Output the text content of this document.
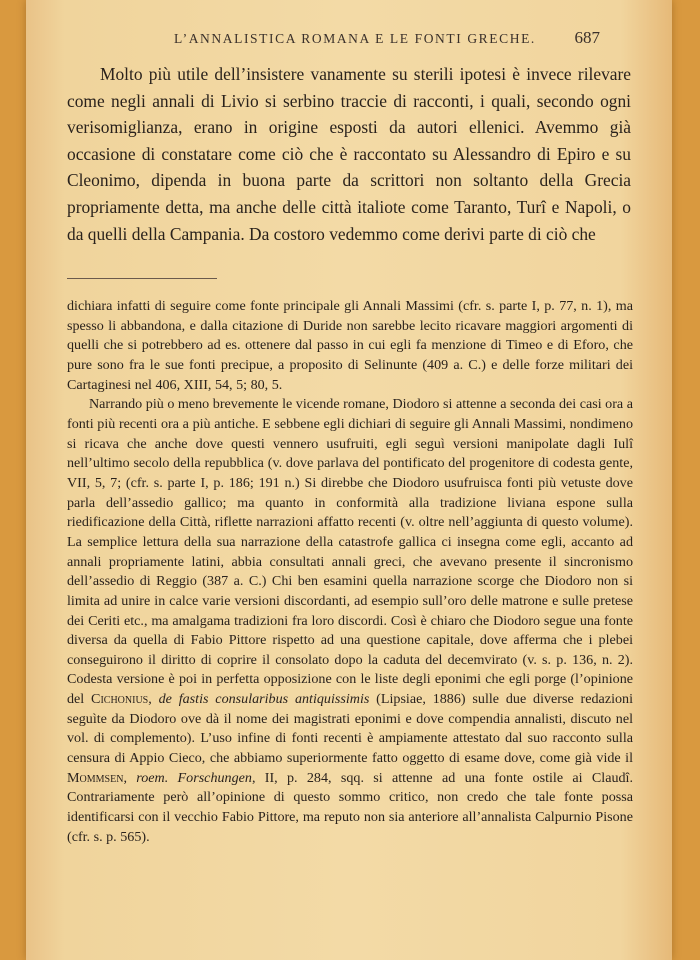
L’ANNALISTICA ROMANA E LE FONTI GRECHE. 687

Molto più utile dell’insistere vanamente su sterili ipotesi è invece rilevare come negli annali di Livio si serbino traccie di racconti, i quali, secondo ogni verisomiglianza, erano in origine esposti da autori ellenici. Avemmo già occasione di constatare come ciò che è raccontato su Alessandro di Epiro e su Cleonimo, dipenda in buona parte da scrittori non soltanto della Grecia propriamente detta, ma anche delle città italiote come Taranto, Turî e Napoli, o da quelli della Campania. Da costoro vedemmo come derivi parte di ciò che

dichiara infatti di seguire come fonte principale gli Annali Massimi (cfr. s. parte I, p. 77, n. 1), ma spesso li abbandona, e dalla citazione di Duride non sarebbe lecito ricavare maggiori argomenti di quelli che si potrebbero ad es. ottenere dal passo in cui egli fa menzione di Timeo e di Eforo, che pure sono fra le sue fonti precipue, a proposito di Selinunte (409 a. C.) e delle forze militari dei Cartaginesi nel 406, XIII, 54, 5; 80, 5.

Narrando più o meno brevemente le vicende romane, Diodoro si attenne a seconda dei casi ora a fonti più recenti ora a più antiche. E sebbene egli dichiari di seguire gli Annali Massimi, nondimeno si ricava che anche dove questi vennero usufruiti, egli seguì versioni manipolate dagli Iulî nell’ultimo secolo della repubblica (v. dove parlava del pontificato del progenitore di codesta gente, VII, 5, 7; (cfr. s. parte I, p. 186; 191 n.) Si direbbe che Diodoro usufruisca fonti più vetuste dove parla dell’assedio gallico; ma quanto in conformità alla tradizione liviana espone sulla riedificazione della Città, riflette narrazioni affatto recenti (v. oltre nell’aggiunta di questo volume). La semplice lettura della sua narrazione della catastrofe gallica ci insegna come egli, accanto ad annali propriamente latini, abbia consultati annali greci, che avevano presente il sincronismo dell’assedio di Reggio (387 a. C.) Chi ben esamini quella narrazione scorge che Diodoro non si limita ad unire in calce varie versioni discordanti, ad esempio sull’oro delle matrone e sulle pretese dei Ceriti etc., ma amalgama tradizioni fra loro discordi. Così è chiaro che Diodoro segue una fonte diversa da quella di Fabio Pittore rispetto ad una questione capitale, dove afferma che i plebei conseguirono il diritto di coprire il consolato dopo la caduta del decemvirato (v. s. p. 136, n. 2). Codesta versione è poi in perfetta opposizione con le liste degli eponimi che egli porge (l’opinione del Cichonius, de fastis consularibus antiquissimis (Lipsiae, 1886) sulle due diverse redazioni seguìte da Diodoro ove dà il nome dei magistrati eponimi e dove compendia annalisti, discuto nel vol. di complemento). L’uso infine di fonti recenti è ampiamente attestato dal suo racconto sulla censura di Appio Cieco, che abbiamo superiormente fatto oggetto di esame dove, come già vide il Mommsen, roem. Forschungen, II, p. 284, sqq. si attenne ad una fonte ostile ai Claudî. Contrariamente però all’opinione di questo sommo critico, non credo che tale fonte possa identificarsi con il vecchio Fabio Pittore, ma reputo non sia anteriore all’annalista Calpurnio Pisone (cfr. s. p. 565).
